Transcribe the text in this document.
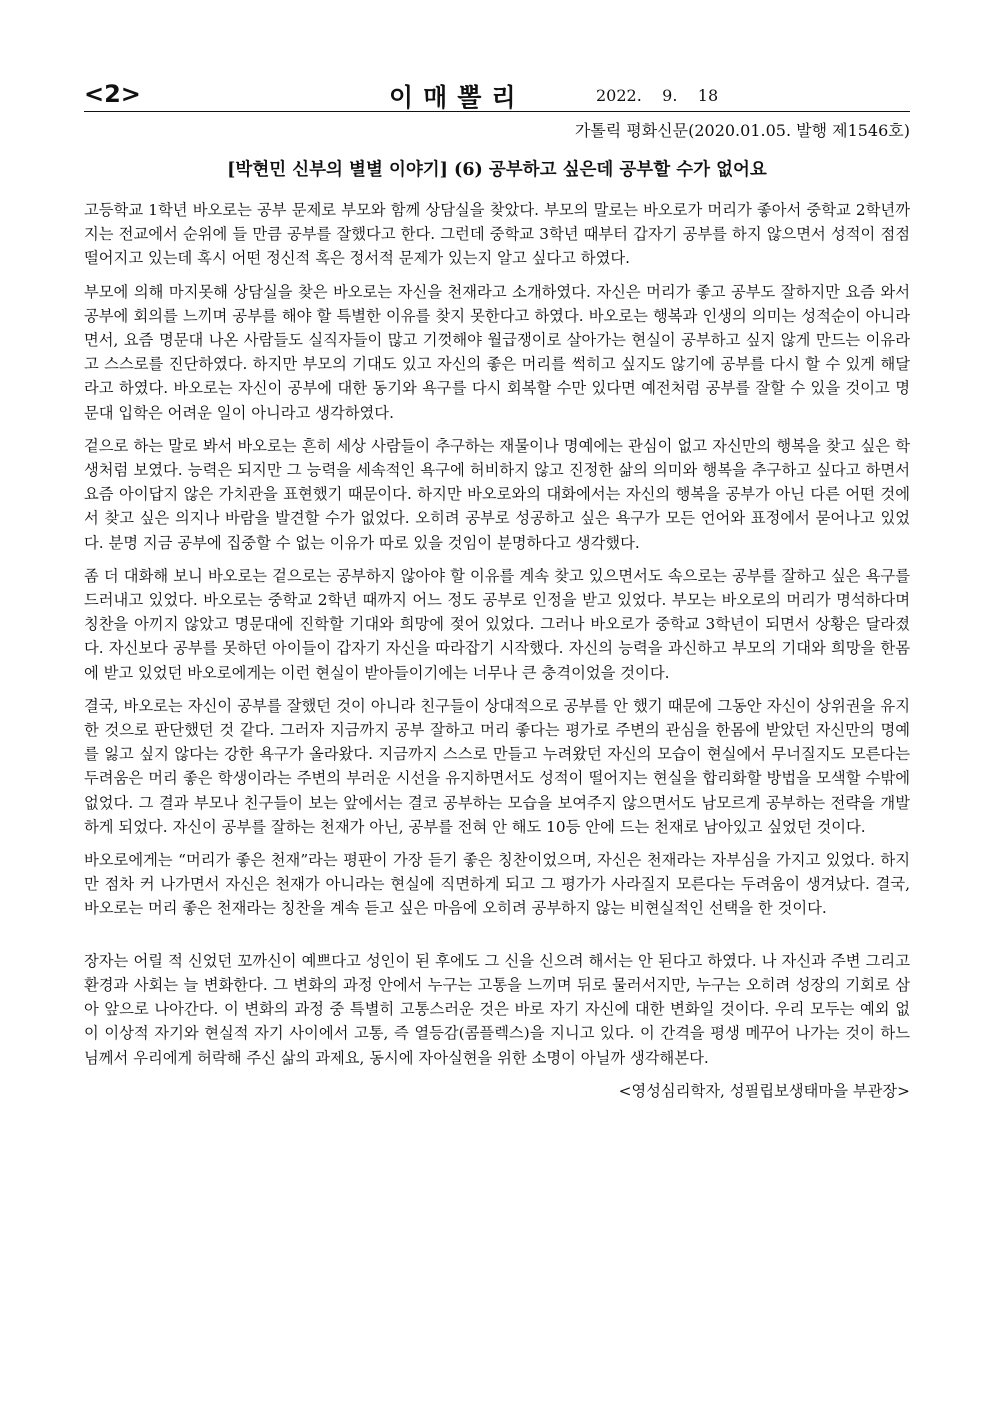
<2>	이매뽈리	2022.    9.    18
가톨릭 평화신문(2020.01.05. 발행 제1546호)
[박현민 신부의 별별 이야기] (6) 공부하고 싶은데 공부할 수가 없어요

고등학교 1학년 바오로는 공부 문제로 부모와 함께 상담실을 찾았다. 부모의 말로는 바오로가 머리가 좋아서 중학교 2학년까지는 전교에서 순위에 들 만큼 공부를 잘했다고 한다. 그런데 중학교 3학년 때부터 갑자기 공부를 하지 않으면서 성적이 점점 떨어지고 있는데 혹시 어떤 정신적 혹은 정서적 문제가 있는지 알고 싶다고 하였다.

부모에 의해 마지못해 상담실을 찾은 바오로는 자신을 천재라고 소개하였다. 자신은 머리가 좋고 공부도 잘하지만 요즘 와서 공부에 회의를 느끼며 공부를 해야 할 특별한 이유를 찾지 못한다고 하였다. 바오로는 행복과 인생의 의미는 성적순이 아니라면서, 요즘 명문대 나온 사람들도 실직자들이 많고 기껏해야 월급쟁이로 살아가는 현실이 공부하고 싶지 않게 만드는 이유라고 스스로를 진단하였다. 하지만 부모의 기대도 있고 자신의 좋은 머리를 썩히고 싶지도 않기에 공부를 다시 할 수 있게 해달라고 하였다. 바오로는 자신이 공부에 대한 동기와 욕구를 다시 회복할 수만 있다면 예전처럼 공부를 잘할 수 있을 것이고 명문대 입학은 어려운 일이 아니라고 생각하였다.

겉으로 하는 말로 봐서 바오로는 흔히 세상 사람들이 추구하는 재물이나 명예에는 관심이 없고 자신만의 행복을 찾고 싶은 학생처럼 보였다. 능력은 되지만 그 능력을 세속적인 욕구에 허비하지 않고 진정한 삶의 의미와 행복을 추구하고 싶다고 하면서 요즘 아이답지 않은 가치관을 표현했기 때문이다. 하지만 바오로와의 대화에서는 자신의 행복을 공부가 아닌 다른 어떤 것에서 찾고 싶은 의지나 바람을 발견할 수가 없었다. 오히려 공부로 성공하고 싶은 욕구가 모든 언어와 표정에서 묻어나고 있었다. 분명 지금 공부에 집중할 수 없는 이유가 따로 있을 것임이 분명하다고 생각했다.

좀 더 대화해 보니 바오로는 겉으로는 공부하지 않아야 할 이유를 계속 찾고 있으면서도 속으로는 공부를 잘하고 싶은 욕구를 드러내고 있었다. 바오로는 중학교 2학년 때까지 어느 정도 공부로 인정을 받고 있었다. 부모는 바오로의 머리가 명석하다며 칭찬을 아끼지 않았고 명문대에 진학할 기대와 희망에 젖어 있었다. 그러나 바오로가 중학교 3학년이 되면서 상황은 달라졌다. 자신보다 공부를 못하던 아이들이 갑자기 자신을 따라잡기 시작했다. 자신의 능력을 과신하고 부모의 기대와 희망을 한몸에 받고 있었던 바오로에게는 이런 현실이 받아들이기에는 너무나 큰 충격이었을 것이다.

결국, 바오로는 자신이 공부를 잘했던 것이 아니라 친구들이 상대적으로 공부를 안 했기 때문에 그동안 자신이 상위권을 유지한 것으로 판단했던 것 같다. 그러자 지금까지 공부 잘하고 머리 좋다는 평가로 주변의 관심을 한몸에 받았던 자신만의 명예를 잃고 싶지 않다는 강한 욕구가 올라왔다. 지금까지 스스로 만들고 누려왔던 자신의 모습이 현실에서 무너질지도 모른다는 두려움은 머리 좋은 학생이라는 주변의 부러운 시선을 유지하면서도 성적이 떨어지는 현실을 합리화할 방법을 모색할 수밖에 없었다. 그 결과 부모나 친구들이 보는 앞에서는 결코 공부하는 모습을 보여주지 않으면서도 남모르게 공부하는 전략을 개발하게 되었다. 자신이 공부를 잘하는 천재가 아닌, 공부를 전혀 안 해도 10등 안에 드는 천재로 남아있고 싶었던 것이다.

바오로에게는 “머리가 좋은 천재”라는 평판이 가장 듣기 좋은 칭찬이었으며, 자신은 천재라는 자부심을 가지고 있었다. 하지만 점차 커 나가면서 자신은 천재가 아니라는 현실에 직면하게 되고 그 평가가 사라질지 모른다는 두려움이 생겨났다. 결국, 바오로는 머리 좋은 천재라는 칭찬을 계속 듣고 싶은 마음에 오히려 공부하지 않는 비현실적인 선택을 한 것이다.

장자는 어릴 적 신었던 꼬까신이 예쁘다고 성인이 된 후에도 그 신을 신으려 해서는 안 된다고 하였다. 나 자신과 주변 그리고 환경과 사회는 늘 변화한다. 그 변화의 과정 안에서 누구는 고통을 느끼며 뒤로 물러서지만, 누구는 오히려 성장의 기회로 삼아 앞으로 나아간다. 이 변화의 과정 중 특별히 고통스러운 것은 바로 자기 자신에 대한 변화일 것이다. 우리 모두는 예외 없이 이상적 자기와 현실적 자기 사이에서 고통, 즉 열등감(콤플렉스)을 지니고 있다. 이 간격을 평생 메꾸어 나가는 것이 하느님께서 우리에게 허락해 주신 삶의 과제요, 동시에 자아실현을 위한 소명이 아닐까 생각해본다.

<영성심리학자, 성필립보생태마을 부관장>
